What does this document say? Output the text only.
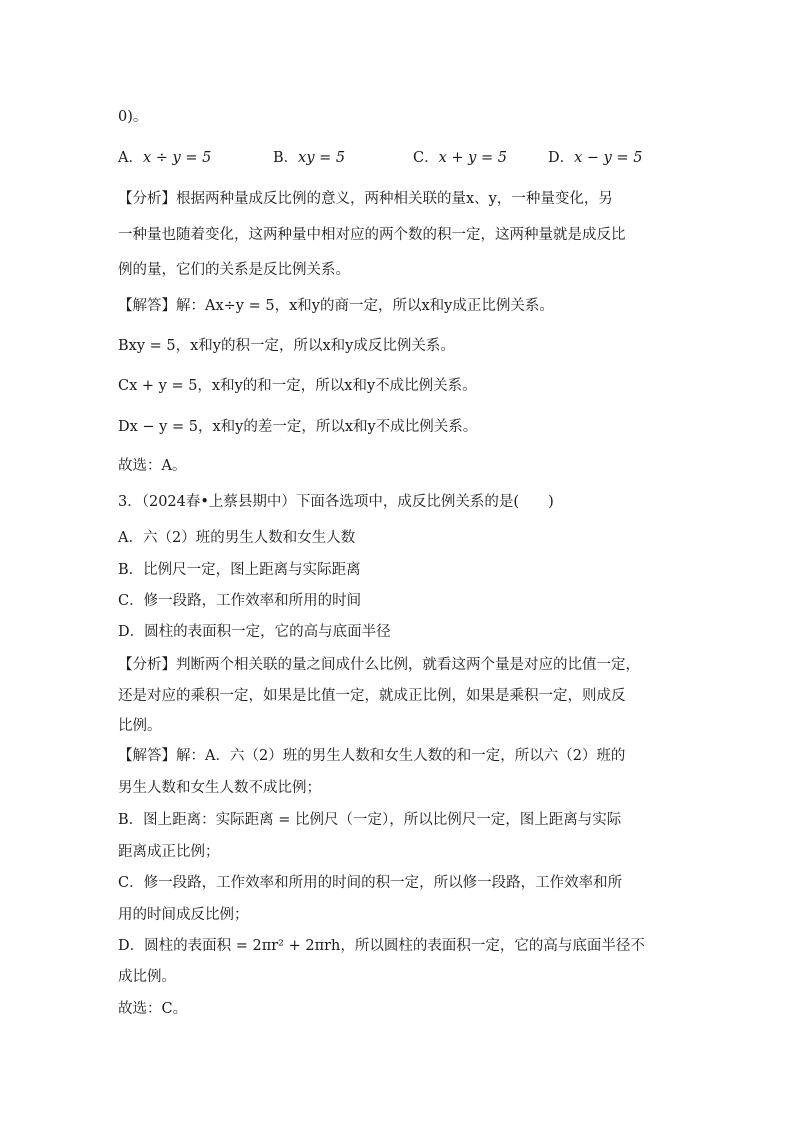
0)。
A．x ÷ y = 5	B．xy = 5	C．x + y = 5	D．x − y = 5
【分析】根据两种量成反比例的意义，两种相关联的量x、y，一种量变化，另
一种量也随着变化，这两种量中相对应的两个数的积一定，这两种量就是成反比
例的量，它们的关系是反比例关系。
【解答】解：Ax÷y = 5，x和y的商一定，所以x和y成正比例关系。
Bxy = 5，x和y的积一定，所以x和y成反比例关系。
Cx + y = 5，x和y的和一定，所以x和y不成比例关系。
Dx − y = 5，x和y的差一定，所以x和y不成比例关系。
故选：A。
3．（2024春•上蔡县期中）下面各选项中，成反比例关系的是(　　)
A．六（2）班的男生人数和女生人数
B．比例尺一定，图上距离与实际距离
C．修一段路，工作效率和所用的时间
D．圆柱的表面积一定，它的高与底面半径
【分析】判断两个相关联的量之间成什么比例，就看这两个量是对应的比值一定，
还是对应的乘积一定，如果是比值一定，就成正比例，如果是乘积一定，则成反
比例。
【解答】解：A．六（2）班的男生人数和女生人数的和一定，所以六（2）班的
男生人数和女生人数不成比例；
B．图上距离：实际距离 = 比例尺（一定），所以比例尺一定，图上距离与实际
距离成正比例；
C．修一段路，工作效率和所用的时间的积一定，所以修一段路，工作效率和所
用的时间成反比例；
D．圆柱的表面积 = 2πr² + 2πrh，所以圆柱的表面积一定，它的高与底面半径不
成比例。
故选：C。
